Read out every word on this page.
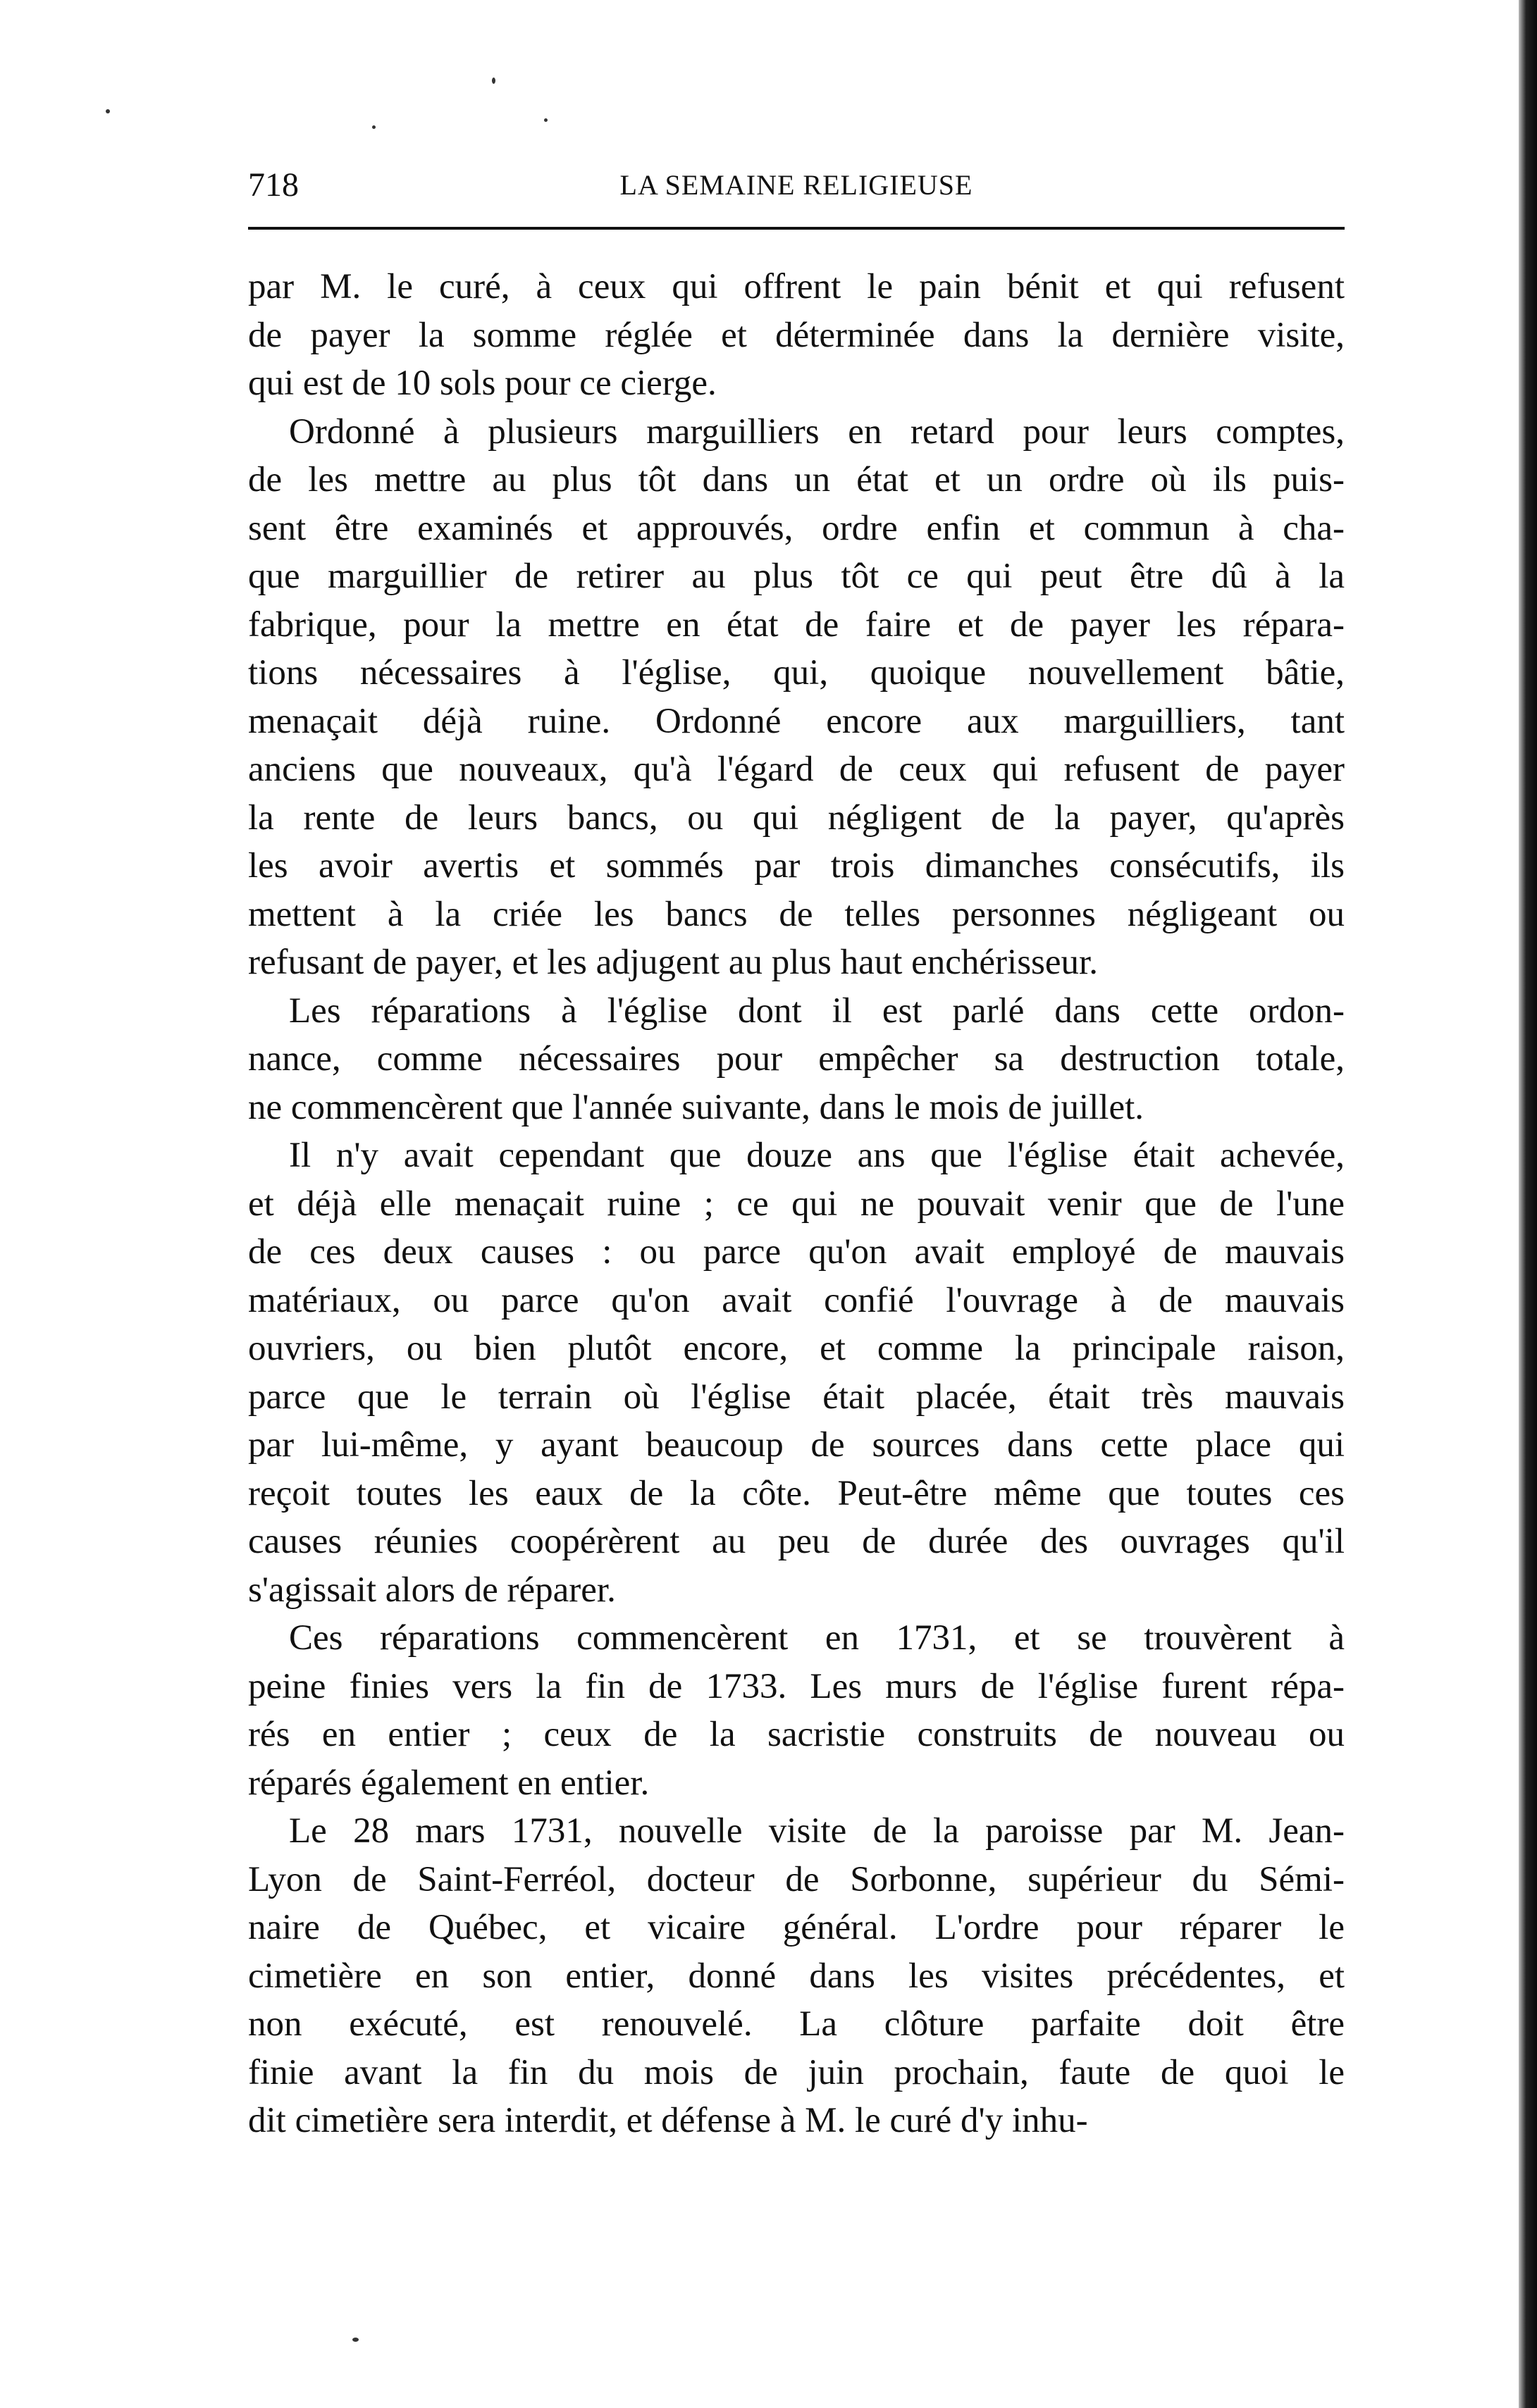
718	LA SEMAINE RELIGIEUSE
par M. le curé, à ceux qui offrent le pain bénit et qui refusent
de payer la somme réglée et déterminée dans la dernière visite,
qui est de 10 sols pour ce cierge.
Ordonné à plusieurs marguilliers en retard pour leurs comptes,
de les mettre au plus tôt dans un état et un ordre où ils puis-
sent être examinés et approuvés, ordre enfin et commun à cha-
que marguillier de retirer au plus tôt ce qui peut être dû à la
fabrique, pour la mettre en état de faire et de payer les répara-
tions nécessaires à l'église, qui, quoique nouvellement bâtie,
menaçait déjà ruine. Ordonné encore aux marguilliers, tant
anciens que nouveaux, qu'à l'égard de ceux qui refusent de payer
la rente de leurs bancs, ou qui négligent de la payer, qu'après
les avoir avertis et sommés par trois dimanches consécutifs, ils
mettent à la criée les bancs de telles personnes négligeant ou
refusant de payer, et les adjugent au plus haut enchérisseur.
Les réparations à l'église dont il est parlé dans cette ordon-
nance, comme nécessaires pour empêcher sa destruction totale,
ne commencèrent que l'année suivante, dans le mois de juillet.
Il n'y avait cependant que douze ans que l'église était achevée,
et déjà elle menaçait ruine ; ce qui ne pouvait venir que de l'une
de ces deux causes : ou parce qu'on avait employé de mauvais
matériaux, ou parce qu'on avait confié l'ouvrage à de mauvais
ouvriers, ou bien plutôt encore, et comme la principale raison,
parce que le terrain où l'église était placée, était très mauvais
par lui-même, y ayant beaucoup de sources dans cette place qui
reçoit toutes les eaux de la côte. Peut-être même que toutes ces
causes réunies coopérèrent au peu de durée des ouvrages qu'il
s'agissait alors de réparer.
Ces réparations commencèrent en 1731, et se trouvèrent à
peine finies vers la fin de 1733. Les murs de l'église furent répa-
rés en entier ; ceux de la sacristie construits de nouveau ou
réparés également en entier.
Le 28 mars 1731, nouvelle visite de la paroisse par M. Jean-
Lyon de Saint-Ferréol, docteur de Sorbonne, supérieur du Sémi-
naire de Québec, et vicaire général. L'ordre pour réparer le
cimetière en son entier, donné dans les visites précédentes, et
non exécuté, est renouvelé. La clôture parfaite doit être
finie avant la fin du mois de juin prochain, faute de quoi le
dit cimetière sera interdit, et défense à M. le curé d'y inhu-
